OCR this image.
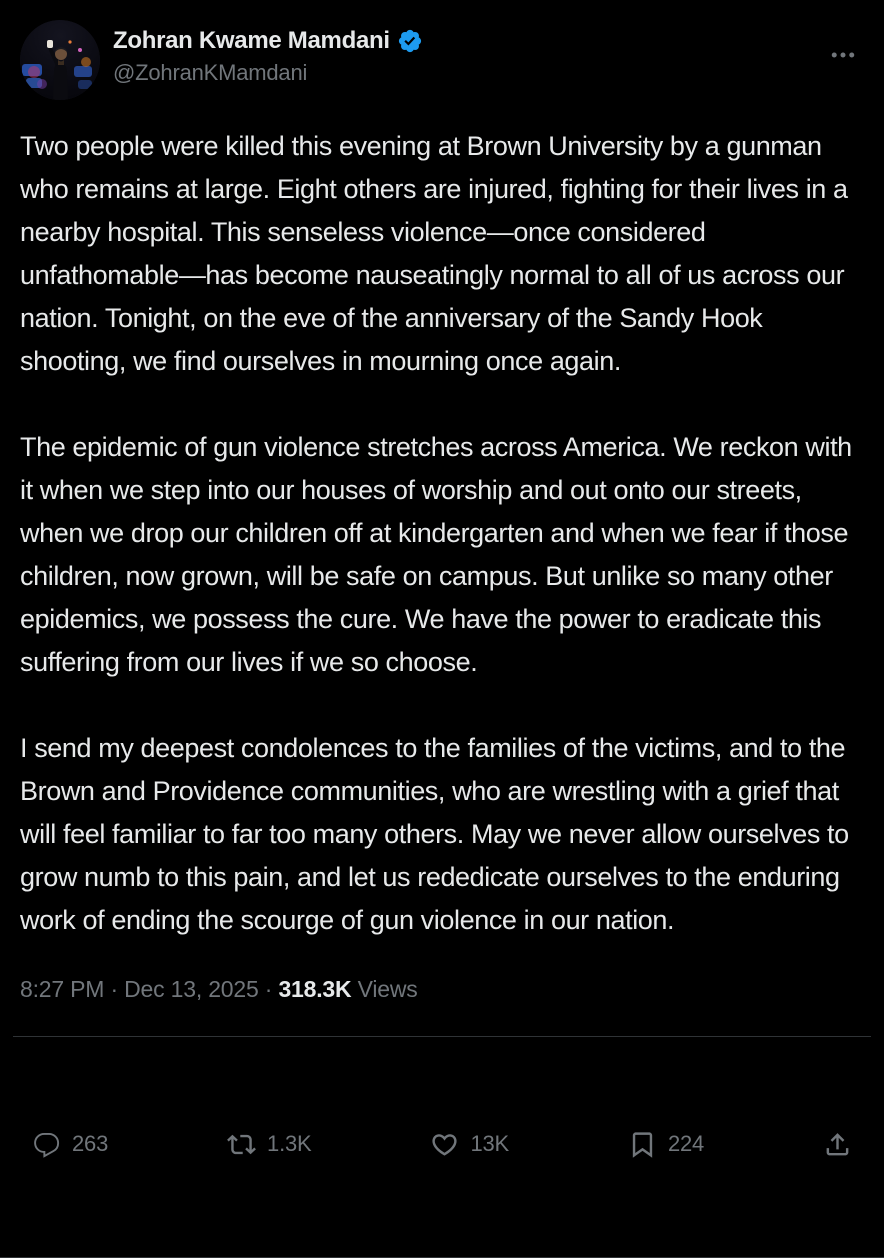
Zohran Kwame Mamdani
@ZohranKMamdani

Two people were killed this evening at Brown University by a gunman who remains at large. Eight others are injured, fighting for their lives in a nearby hospital. This senseless violence—once considered unfathomable—has become nauseatingly normal to all of us across our nation. Tonight, on the eve of the anniversary of the Sandy Hook shooting, we find ourselves in mourning once again.

The epidemic of gun violence stretches across America. We reckon with it when we step into our houses of worship and out onto our streets, when we drop our children off at kindergarten and when we fear if those children, now grown, will be safe on campus. But unlike so many other epidemics, we possess the cure. We have the power to eradicate this suffering from our lives if we so choose.

I send my deepest condolences to the families of the victims, and to the Brown and Providence communities, who are wrestling with a grief that will feel familiar to far too many others. May we never allow ourselves to grow numb to this pain, and let us rededicate ourselves to the enduring work of ending the scourge of gun violence in our nation.

8:27 PM · Dec 13, 2025 · 318.3K Views
263	1.3K	13K	224
